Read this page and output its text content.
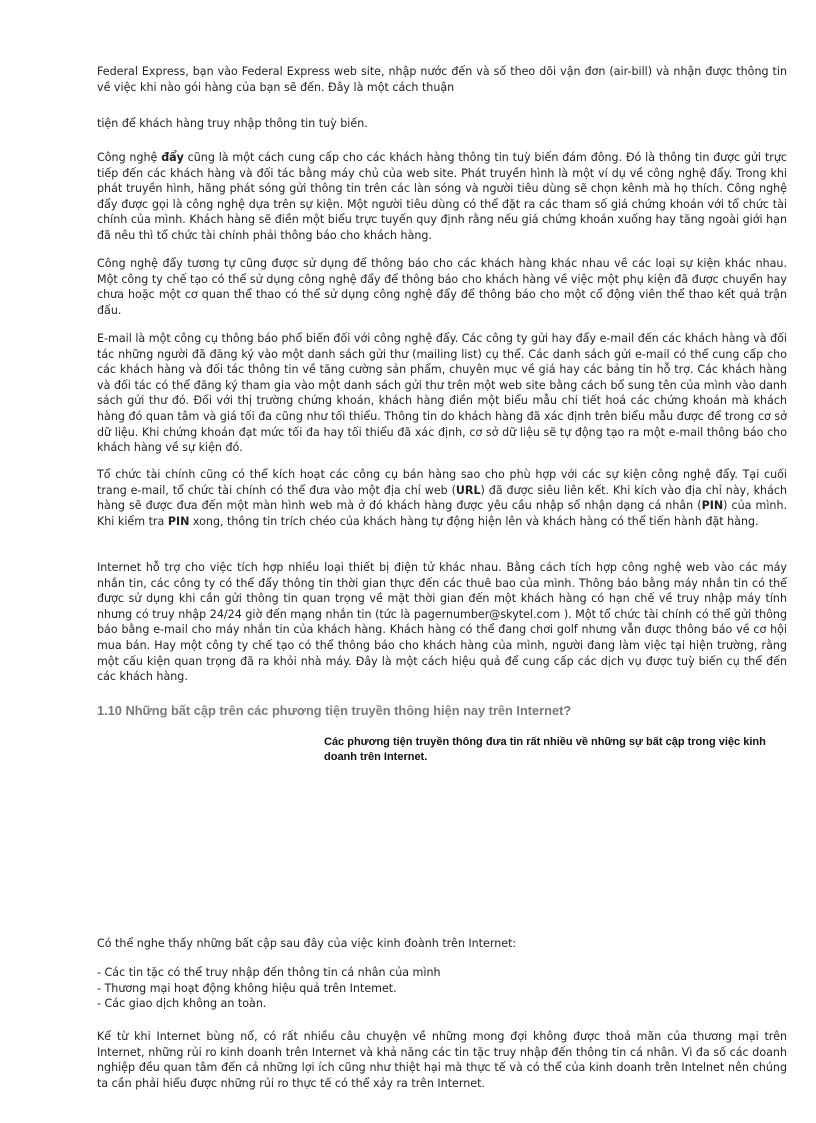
Federal Express, bạn vào Federal Express web site, nhập nước đến và số theo dõi vận đơn (air-bill) và nhận được thông tin về việc khi nào gói hàng của bạn sẽ đến. Đây là một cách thuận

tiện để khách hàng truy nhập thông tin tuỳ biến.

Công nghệ đẩy cũng là một cách cung cấp cho các khách hàng thông tin tuỳ biến đám đông. Đó là thông tin được gửi trực tiếp đến các khách hàng và đối tác bằng máy chủ của web site. Phát truyền hình là một ví dụ về công nghệ đẩy. Trong khi phát truyền hình, hãng phát sóng gửi thông tin trên các làn sóng và người tiêu dùng sẽ chọn kênh mà họ thích. Công nghệ đẩy được gọi là công nghệ dựa trên sự kiện. Một người tiêu dùng có thể đặt ra các tham số giá chứng khoán với tổ chức tài chính của mình. Khách hàng sẽ điền một biểu trực tuyến quy định rằng nếu giá chứng khoán xuống hay tăng ngoài giới hạn đã nêu thì tổ chức tài chính phải thông báo cho khách hàng.

Công nghệ đẩy tương tự cũng được sử dụng để thông báo cho các khách hàng khác nhau về các loại sự kiện khác nhau. Một công ty chế tạo có thể sử dụng công nghệ đẩy để thông báo cho khách hàng về việc một phụ kiện đã được chuyển hay chưa hoặc một cơ quan thể thao có thể sử dụng công nghệ đẩy để thông báo cho một cổ động viên thể thao kết quả trận đấu.

E-mail là một công cụ thông báo phổ biến đối với công nghệ đẩy. Các công ty gửi hay đẩy e-mail đến các khách hàng và đối tác những người đã đăng ký vào một danh sách gửi thư (mailing list) cụ thể. Các danh sách gửi e-mail có thể cung cấp cho các khách hàng và đối tác thông tin về tăng cường sản phẩm, chuyên mục về giá hay các bảng tin hỗ trợ. Các khách hàng và đối tác có thể đăng ký tham gia vào một danh sách gửi thư trên một web site bằng cách bổ sung tên của mình vào danh sách gửi thư đó. Đối với thị trường chứng khoán, khách hàng điền một biểu mẫu chi tiết hoá các chứng khoán mà khách hàng đó quan tâm và giá tối đa cũng như tối thiểu. Thông tin do khách hàng đã xác định trên biểu mẫu được để trong cơ sở dữ liệu. Khi chứng khoán đạt mức tối đa hay tối thiểu đã xác định, cơ sở dữ liệu sẽ tự động tạo ra một e-mail thông báo cho khách hàng về sự kiện đó.

Tổ chức tài chính cũng có thể kích hoạt các công cụ bán hàng sao cho phù hợp với các sự kiện công nghệ đẩy. Tại cuối trang e-mail, tổ chức tài chính có thể đưa vào một địa chỉ web (URL) đã được siêu liên kết. Khi kích vào địa chỉ này, khách hàng sẽ được đưa đến một màn hình web mà ở đó khách hàng được yêu cầu nhập số nhận dạng cá nhân (PIN) của mình. Khi kiểm tra PIN xong, thông tin trích chéo của khách hàng tự động hiện lên và khách hàng có thể tiến hành đặt hàng.

Internet hỗ trợ cho việc tích hợp nhiều loại thiết bị điện tử khác nhau. Bằng cách tích hợp công nghệ web vào các máy nhắn tin, các công ty có thể đẩy thông tin thời gian thực đến các thuê bao của mình. Thông báo bằng máy nhắn tin có thể được sử dụng khi cần gửi thông tin quan trọng về mặt thời gian đến một khách hàng có hạn chế về truy nhập máy tính nhưng có truy nhập 24/24 giờ đến mạng nhắn tin (tức là pagernumber@skytel.com ). Một tổ chức tài chính có thể gửi thông báo bằng e-mail cho máy nhắn tin của khách hàng. Khách hàng có thể đang chơi golf nhưng vẫn được thông báo về cơ hội mua bán. Hay một công ty chế tạo có thể thông báo cho khách hàng của mình, người đang làm việc tại hiện trường, rằng một cấu kiện quan trọng đã ra khỏi nhà máy. Đây là một cách hiệu quả để cung cấp các dịch vụ được tuỳ biến cụ thể đến các khách hàng.

1.10 Những bất cập trên các phương tiện truyền thông hiện nay trên Internet?

Các phương tiện truyền thông đưa tin rất nhiều về những sự bất cập trong việc kinh doanh trên Internet.

Có thể nghe thấy những bất cập sau đây của việc kinh đoành trên Internet:

- Các tin tặc có thể truy nhập đến thông tin cá nhân của mình
- Thương mại hoạt động không hiệu quả trên Intemet.
- Các giao dịch không an toàn.

Kể từ khi Internet bùng nổ, có rất nhiều câu chuyện về những mong đợi không được thoả mãn của thương mại trên Internet, những rủi ro kinh doanh trên Internet và khả năng các tin tặc truy nhập đến thông tin cá nhân. Vì đa số các doanh nghiệp đều quan tâm đến cả những lợi ích cũng như thiệt hại mà thực tế và có thể của kinh doanh trên Intelnet nên chúng ta cần phải hiểu được những rủi ro thực tế có thể xảy ra trên Internet.
